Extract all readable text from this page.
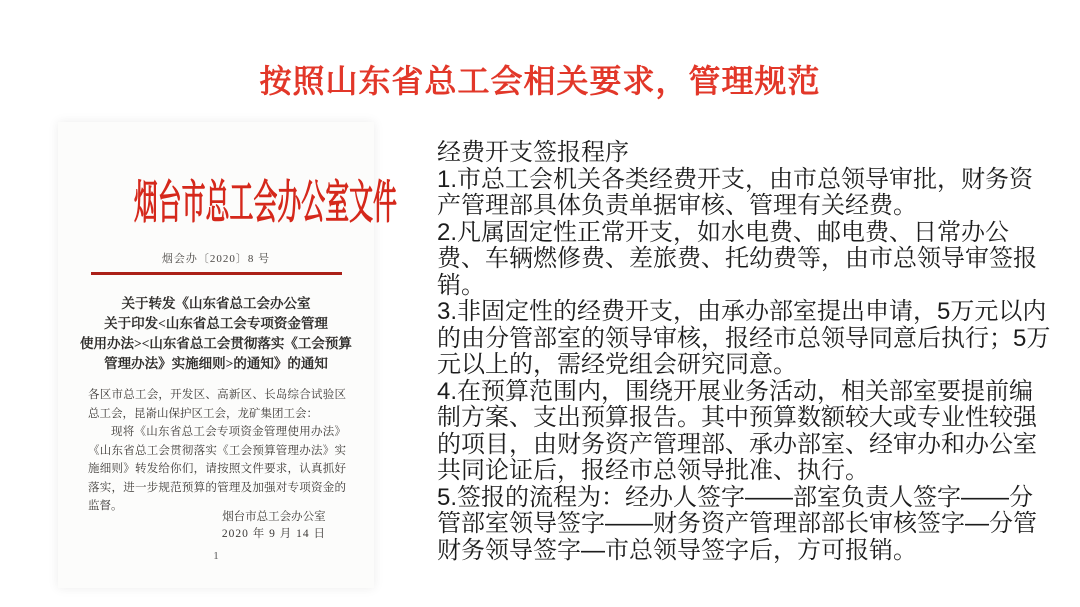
按照山东省总工会相关要求，管理规范
烟台市总工会办公室文件
烟会办〔2020〕8 号
关于转发《山东省总工会办公室
关于印发<山东省总工会专项资金管理
使用办法><山东省总工会贯彻落实《工会预算
管理办法》实施细则>的通知》的通知

各区市总工会，开发区、高新区、长岛综合试验区总工会，昆嵛山保护区工会，龙矿集团工会：

现将《山东省总工会专项资金管理使用办法》《山东省总工会贯彻落实《工会预算管理办法》实施细则》转发给你们，请按照文件要求，认真抓好落实，进一步规范预算的管理及加强对专项资金的监督。

烟台市总工会办公室
2020 年 9 月 14 日
1

经费开支签报程序

1.市总工会机关各类经费开支，由市总领导审批，财务资产管理部具体负责单据审核、管理有关经费。

2.凡属固定性正常开支，如水电费、邮电费、日常办公费、车辆燃修费、差旅费、托幼费等，由市总领导审签报销。

3.非固定性的经费开支，由承办部室提出申请，5万元以内的由分管部室的领导审核，报经市总领导同意后执行；5万元以上的，需经党组会研究同意。

4.在预算范围内，围绕开展业务活动，相关部室要提前编制方案、支出预算报告。其中预算数额较大或专业性较强的项目，由财务资产管理部、承办部室、经审办和办公室共同论证后，报经市总领导批准、执行。

5.签报的流程为：经办人签字——部室负责人签字——分管部室领导签字——财务资产管理部部长审核签字—分管财务领导签字—市总领导签字后，方可报销。
